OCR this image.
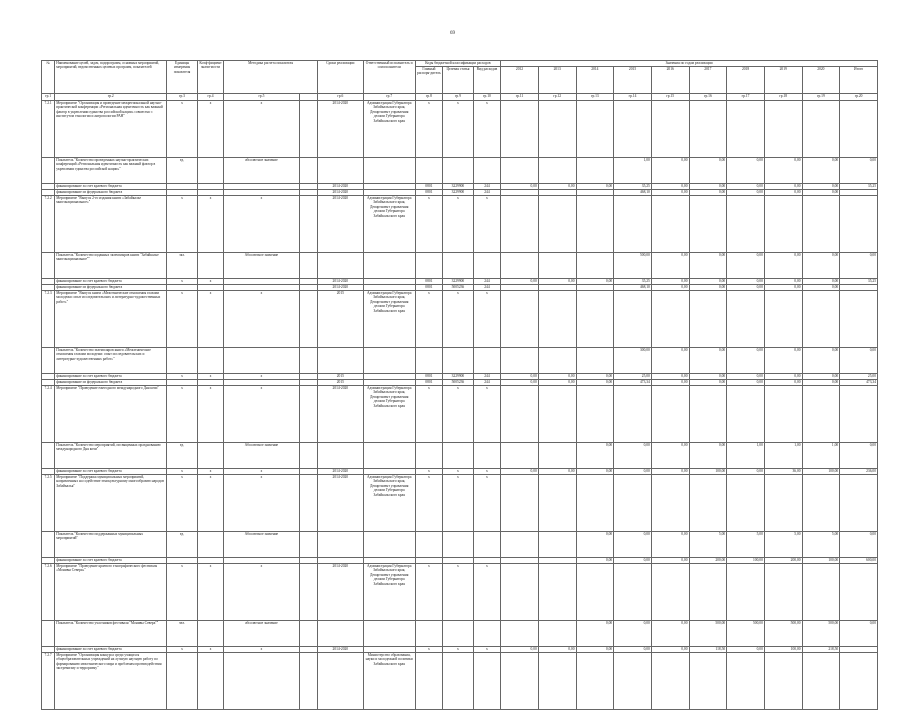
69
№	Наименование целей, задач, подпрограмм, основных мероприятий, мероприятий, ведомственных целевых программ, показателей	Единицы измерения показателя	Коэф-фициент значи-мости	Методика расчета показателя		Сроки реализации	Ответственный исполнитель и соисполнители	Коды бюджетной классификации расходов			Значения по годам реализации									
								Главный распоря-дитель	Целевая статья	Вид расходов	2012	2013	2014	2015	2016	2017	2018	2019	2020	Итого
гр.1	гр.2	гр.3	гр.4	гр.5		гр.6	гр.7	гр.8	гр.9	гр.10	гр.11	гр.12	гр.13	гр.14	гр.15	гр.16	гр.17	гр.18	гр.19	гр.20
7.2.1	Мероприятие "Организация и проведение межрегиональной научно-практической конференции «Региональная идентичность как важный фактор в укреплении единства российской нации» совместно с институтом этнологии и антропологии РАН"	x	x	x		2014-2020	Администрация Губернатора Забайкальского края, Департамент управления делами Губернатора Забайкальского края	x	x	x										
	Показатель "Количество проведенных научно-практических конференций «Региональная идентичность как важный фактор в укреплении единства российской нации»"	ед.		абсолютное значение										1,00	0,00	0,00	0,00	0,00	0,00	0,00
	финансирование за счет краевого бюджета					2014-2020		0801	3229900	244	0,00	0,00	0,00	35,25	0,00	0,00	0,00	0,00	0,00	35,25
	финансирование из федерального бюджета					2014-2020		0801	3229900	244				468,10	0,00	0,00	0,00	0,00	0,00	
7.2.2	Мероприятие "Выпуск 2-го издания книги «Забайкалье многонациональное»"	x	x	x		2014-2020	Администрация Губернатора Забайкальского края, Департамент управления делами Губернатора Забайкальского края	x	x	x										
	Показатель "Количество изданных экземпляров книги "Забайкалье многонациональное""	экз.		Абсолютное значение										500,00	0,00	0,00	0,00	0,00	0,00	0,00
	финансирование за счет краевого бюджета	x	x			2014-2020		0801	3229900	244	0,00	0,00	0,00	35,25	0,00	0,00	0,00	0,00	0,00	35,25
	финансирование из федерального бюджета					2014-2020		0801	5005236	244				468,10	0,00	0,00	0,00	0,00	0,00	
7.2.3	Мероприятие "Выпуск книги «Межэтнические отношения глазами молодежи: опыт исследовательских и литературно-художественных работ»"	x	x	x		2015	Администрация Губернатора Забайкальского края, Департамент управления делами Губернатора Забайкальского края	x	x	x										
	Показатель "Количество экземпляров книги «Межэтнические отношения глазами молодежи: опыт исследовательских и литературно-художественных работ»"													300,00	0,00	0,00	0,00	0,00	0,00	0,00
	финансирование за счет краевого бюджета	x	x	x		2015		0801	3229900	244	0,00	0,00	0,00	25,00	0,00	0,00	0,00	0,00	0,00	25,00
	финансирование из федерального бюджета					2015		0801	5005236	244	0,00	0,00	0,00	473,34	0,00	0,00	0,00	0,00	0,00	473,34
7.2.4	Мероприятие "Проведение ежегодного международного Дня кочи"	x	x	x		2014-2020	Администрация Губернатора Забайкальского края, Департамент управления делами Губернатора Забайкальского края	x	x	x										
	Показатель "Количество мероприятий, посвященных празднованию международного Дня кочи"	ед.		Абсолютное значение									0,00	0,00	0,00	0,00	1,00	1,00	1,00	0,00
	финансирование за счет краевого бюджета	x	x	x		2014-2020		x	x	x	0,00	0,00	0,00	0,00	0,00	100,00	0,00	36,00	100,00	236,00
7.2.5	Мероприятие "Поддержка муниципальных мероприятий, направленных на содействие этнокультурному многообразию народов Забайкалья"	x	x	x		2014-2020	Администрация Губернатора Забайкальского края, Департамент управления делами Губернатора Забайкальского края	x	x	x										
	Показатель "Количество поддержанных муниципальных мероприятий"	ед.		Абсолютное значение									0,00	0,00	0,00	5,00	5,00	5,00	5,00	0,00
	финансирование за счет краевого бюджета												0,00	0,00	0,00	200,00	100,00	200,00	100,00	600,00
7.2.6	Мероприятие "Проведение краевого этнографического фестиваля «Монивы Севера»"	x	x	x		2014-2020	Администрация Губернатора Забайкальского края, Департамент управления делами Губернатора Забайкальского края	x	x	x										
	Показатель "Количество участников фестиваля "Монивы Севера""	чел.		абсолютное значение									0,00	0,00	0,00	500,00	500,00	500,00	500,00	0,00
	финансирование за счет краевого бюджета	x	x	x		2014-2020		x	x	x	0,00	0,00	0,00	0,00	0,00	118,50	0,00	100,00	218,50	
7.2.7	Мероприятие "Организация конкурса среди учащихся общеобразовательных учреждений на лучшую научную работу по формированию межэтнического мира и проблемам противодействия экстремизму и терроризму"						Министерство образования, науки и молодежной политики Забайкальского края													
